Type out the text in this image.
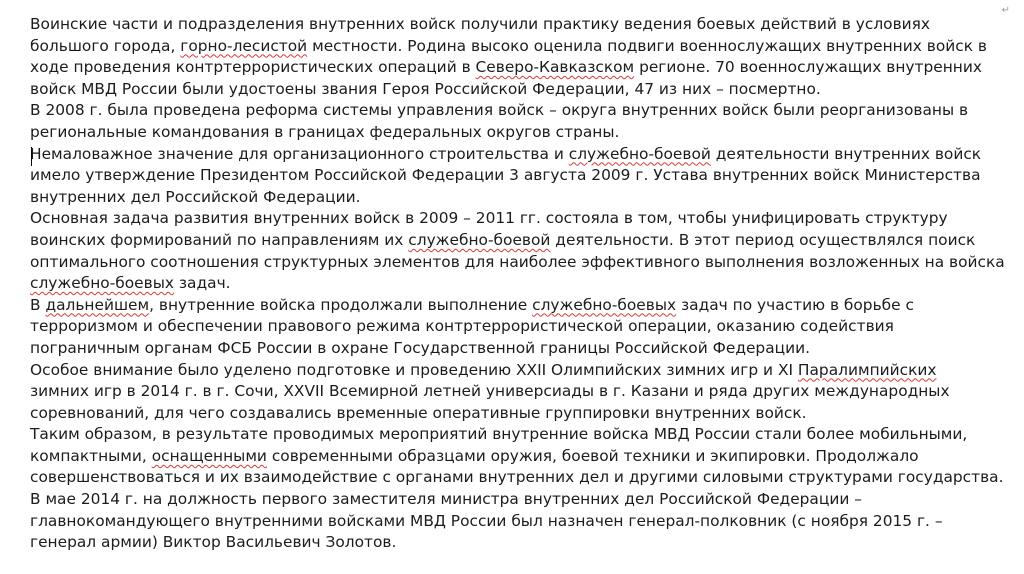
↵
Воинские части и подразделения внутренних войск получили практику ведения боевых действий в условиях
большого города, горно-лесистой местности. Родина высоко оценила подвиги военнослужащих внутренних войск в
ходе проведения контртеррористических операций в Северо-Кавказском регионе. 70 военнослужащих внутренних
войск МВД России были удостоены звания Героя Российской Федерации, 47 из них – посмертно.
В 2008 г. была проведена реформа системы управления войск – округа внутренних войск были реорганизованы в
региональные командования в границах федеральных округов страны.
Немаловажное значение для организационного строительства и служебно-боевой деятельности внутренних войск
имело утверждение Президентом Российской Федерации 3 августа 2009 г. Устава внутренних войск Министерства
внутренних дел Российской Федерации.
Основная задача развития внутренних войск в 2009 – 2011 гг. состояла в том, чтобы унифицировать структуру
воинских формирований по направлениям их служебно-боевой деятельности. В этот период осуществлялся поиск
оптимального соотношения структурных элементов для наиболее эффективного выполнения возложенных на войска
служебно-боевых задач.
В дальнейшем, внутренние войска продолжали выполнение служебно-боевых задач по участию в борьбе с
терроризмом и обеспечении правового режима контртеррористической операции, оказанию содействия
пограничным органам ФСБ России в охране Государственной границы Российской Федерации.
Особое внимание было уделено подготовке и проведению XXII Олимпийских зимних игр и XI Паралимпийских
зимних игр в 2014 г. в г. Сочи, XXVII Всемирной летней универсиады в г. Казани и ряда других международных
соревнований, для чего создавались временные оперативные группировки внутренних войск.
Таким образом, в результате проводимых мероприятий внутренние войска МВД России стали более мобильными,
компактными, оснащенными современными образцами оружия, боевой техники и экипировки. Продолжало
совершенствоваться и их взаимодействие с органами внутренних дел и другими силовыми структурами государства.
В мае 2014 г. на должность первого заместителя министра внутренних дел Российской Федерации –
главнокомандующего внутренними войсками МВД России был назначен генерал-полковник (с ноября 2015 г. –
генерал армии) Виктор Васильевич Золотов.
